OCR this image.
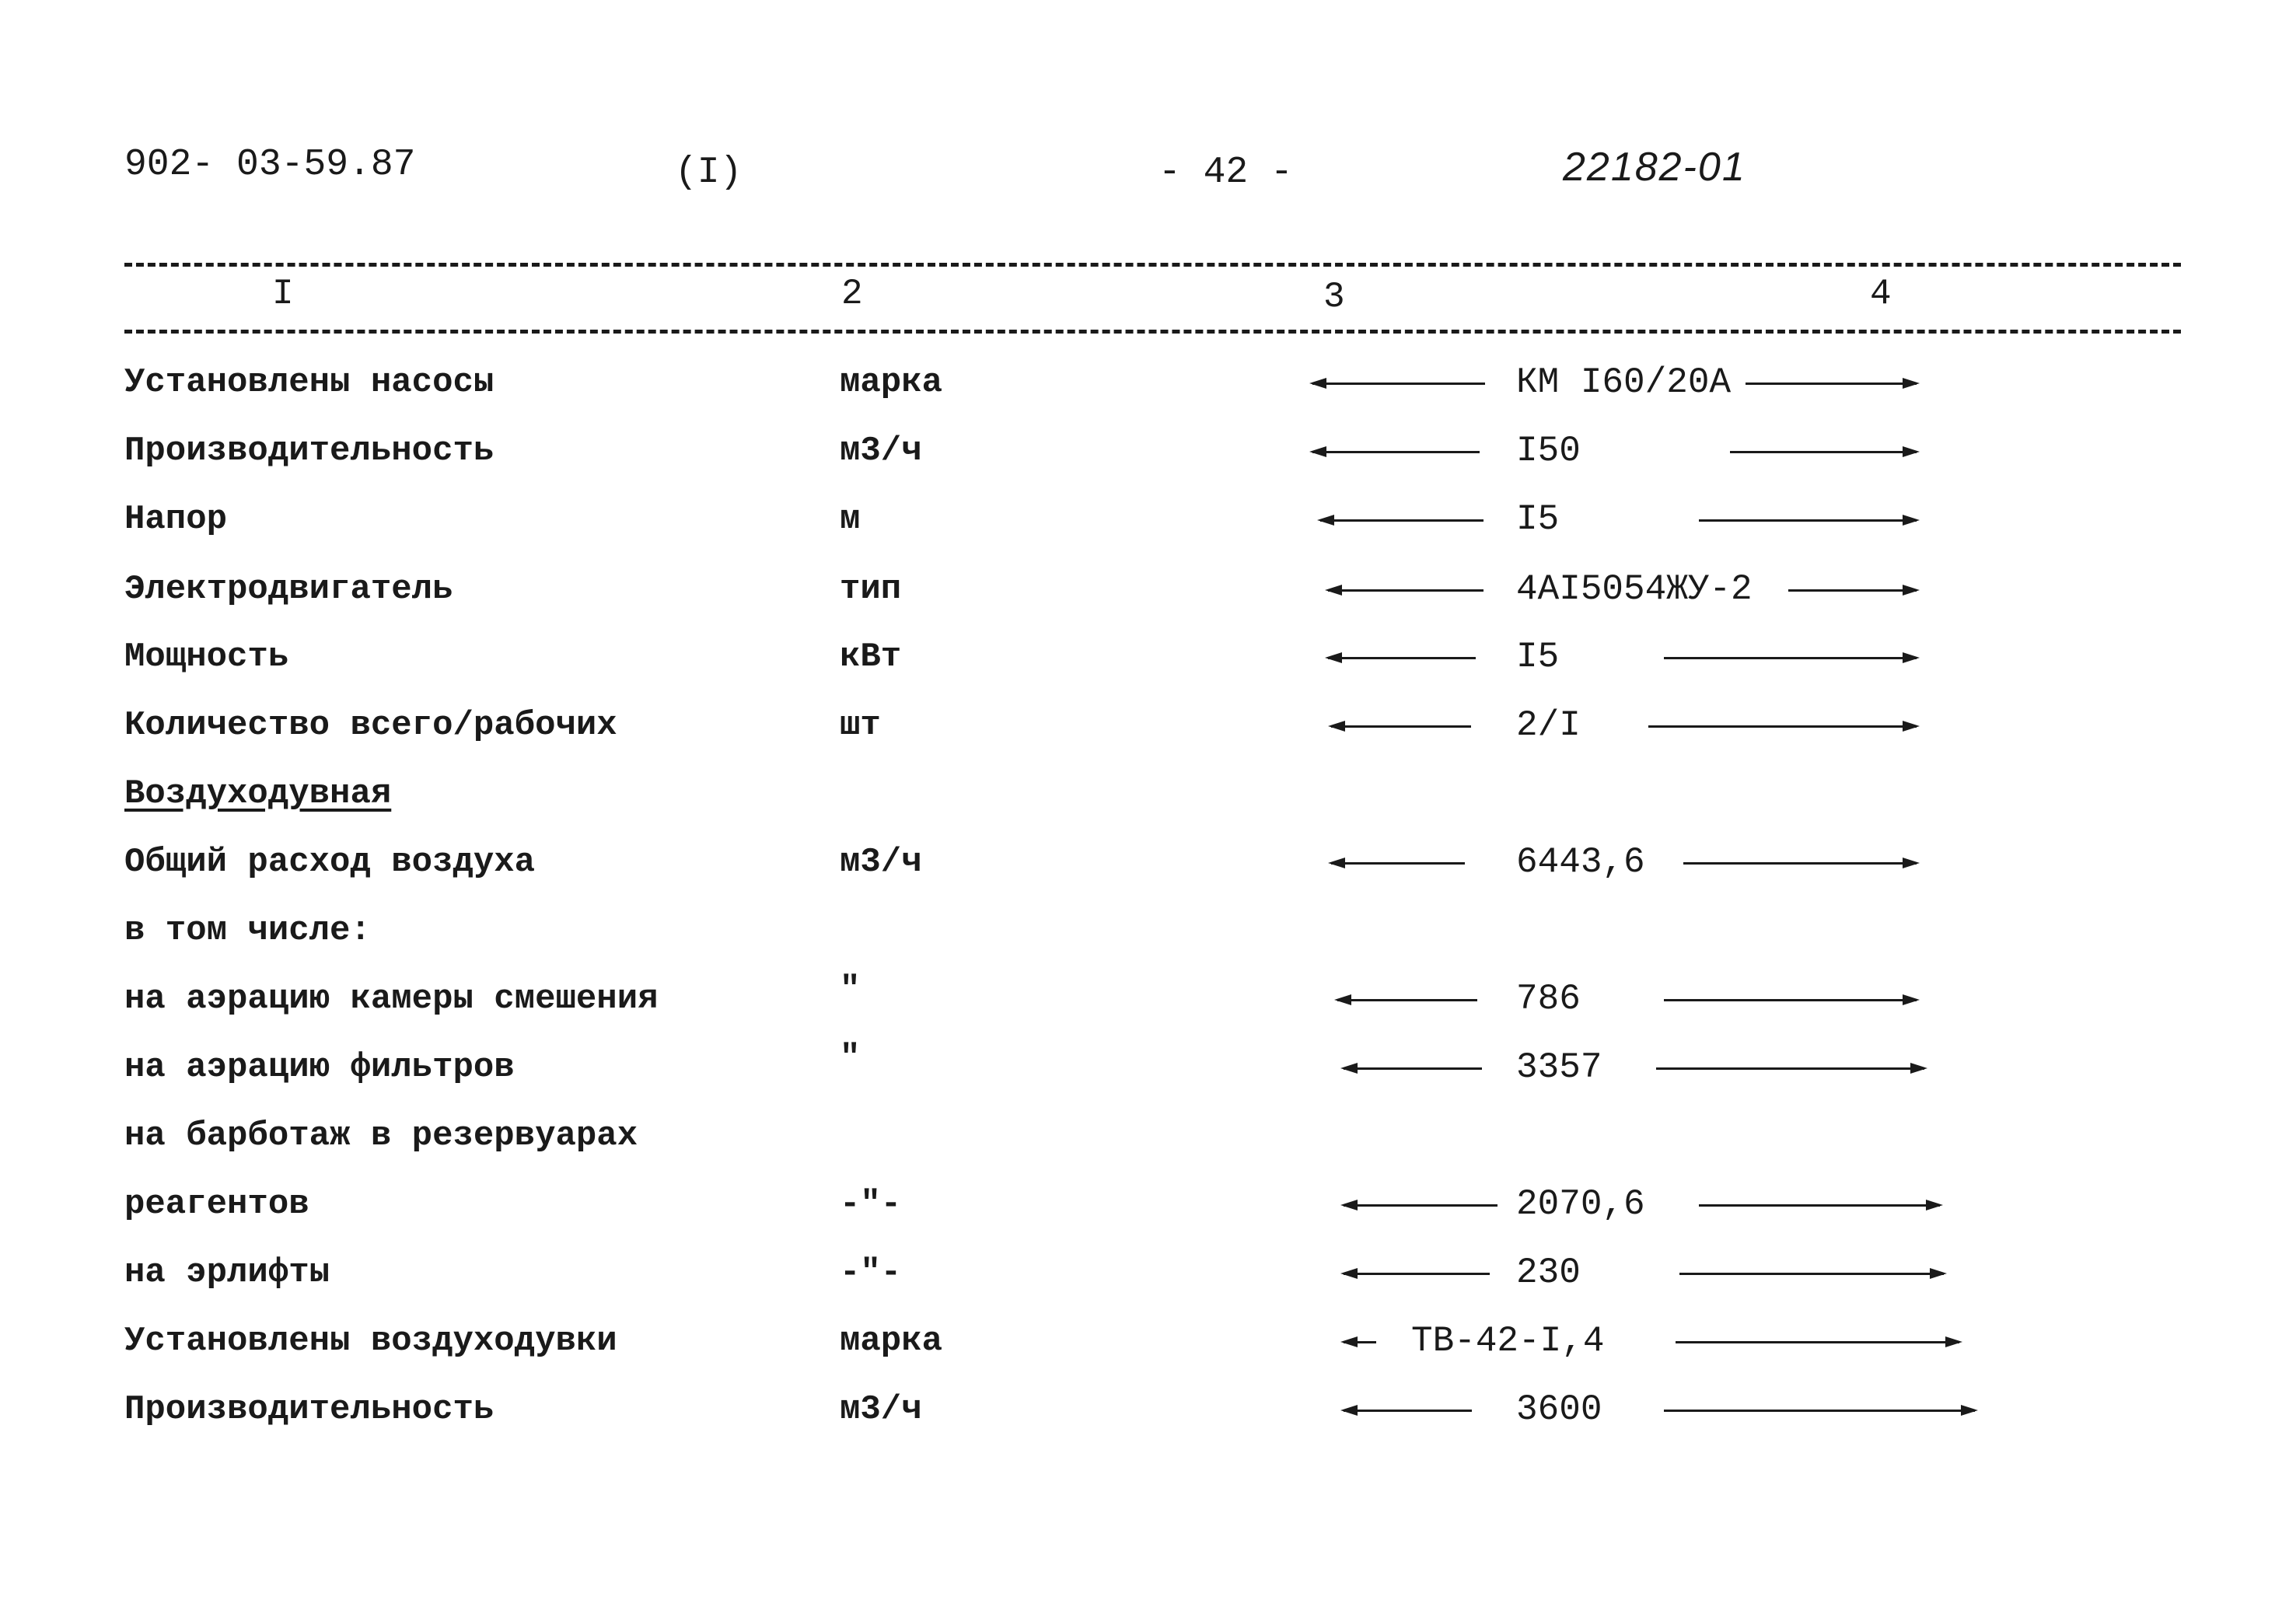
902- 03-59.87	(I)	- 42 -	22182-01
I	2	3	4
Установлены насосы	марка	КМ I60/20А
Производительность	м3/ч	I50
Напор	м	I5
Электродвигатель	тип	4АI5054ЖУ-2
Мощность	кВт	I5
Количество всего/рабочих	шт	2/I
Воздуходувная
Общий расход воздуха	м3/ч	6443,6
в том числе:
на аэрацию камеры смешения	"	786
на аэрацию фильтров	"	3357
на барботаж в резервуарах
реагентов	-"-	2070,6
на эрлифты	-"-	230
Установлены воздуходувки	марка	ТВ-42-I,4
Производительность	м3/ч	3600
